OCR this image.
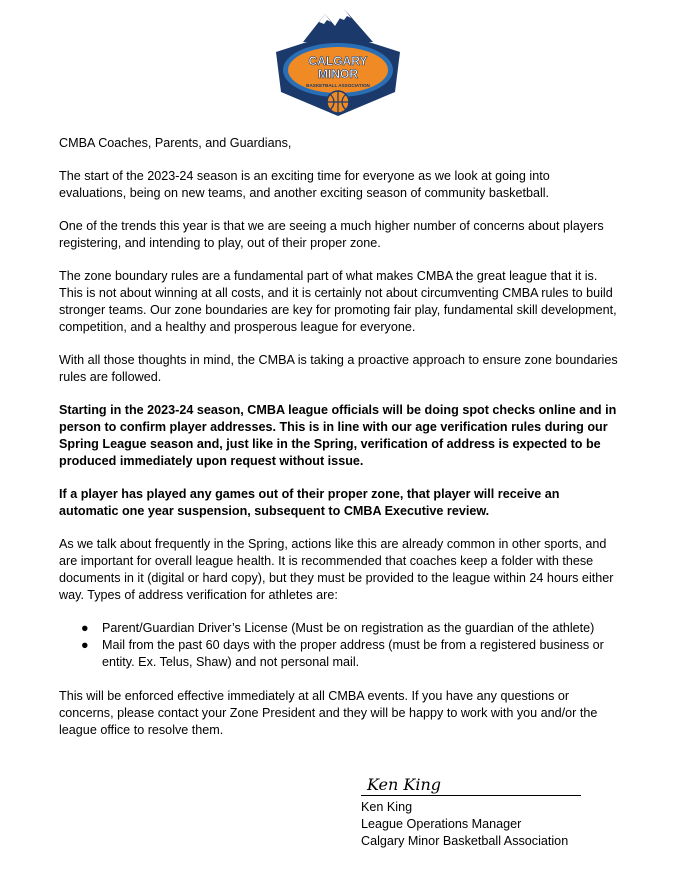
CALGARY
MINOR
BASKETBALL ASSOCIATION

CMBA Coaches, Parents, and Guardians,

The start of the 2023-24 season is an exciting time for everyone as we look at going into evaluations, being on new teams, and another exciting season of community basketball.

One of the trends this year is that we are seeing a much higher number of concerns about players registering, and intending to play, out of their proper zone.

The zone boundary rules are a fundamental part of what makes CMBA the great league that it is. This is not about winning at all costs, and it is certainly not about circumventing CMBA rules to build stronger teams. Our zone boundaries are key for promoting fair play, fundamental skill development, competition, and a healthy and prosperous league for everyone.

With all those thoughts in mind, the CMBA is taking a proactive approach to ensure zone boundaries rules are followed.

Starting in the 2023-24 season, CMBA league officials will be doing spot checks online and in person to confirm player addresses. This is in line with our age verification rules during our Spring League season and, just like in the Spring, verification of address is expected to be produced immediately upon request without issue.

If a player has played any games out of their proper zone, that player will receive an automatic one year suspension, subsequent to CMBA Executive review.

As we talk about frequently in the Spring, actions like this are already common in other sports, and are important for overall league health. It is recommended that coaches keep a folder with these documents in it (digital or hard copy), but they must be provided to the league within 24 hours either way. Types of address verification for athletes are:

● Parent/Guardian Driver’s License (Must be on registration as the guardian of the athlete)
● Mail from the past 60 days with the proper address (must be from a registered business or entity. Ex. Telus, Shaw) and not personal mail.

This will be enforced effective immediately at all CMBA events. If you have any questions or concerns, please contact your Zone President and they will be happy to work with you and/or the league office to resolve them.

Ken King
Ken King
League Operations Manager
Calgary Minor Basketball Association
